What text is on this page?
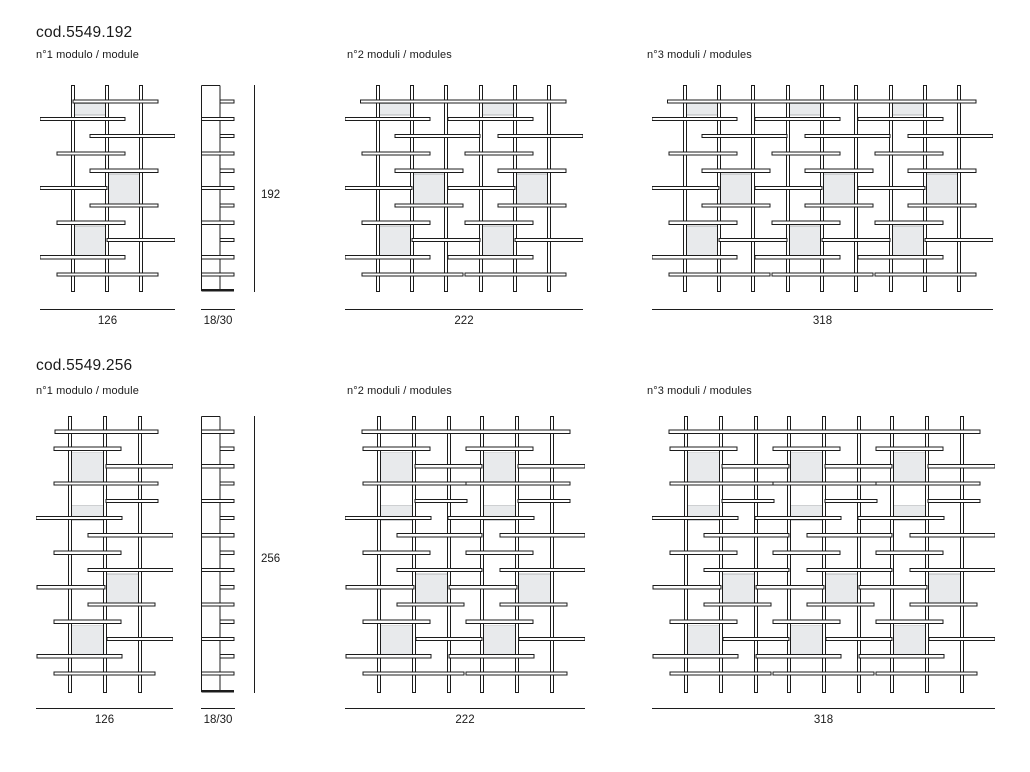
cod.5549.192
n°1 modulo / module	n°2 moduli / modules	n°3 moduli / modules
192
126	18/30	222	318
cod.5549.256
n°1 modulo / module	n°2 moduli / modules	n°3 moduli / modules
256
126	18/30	222	318
